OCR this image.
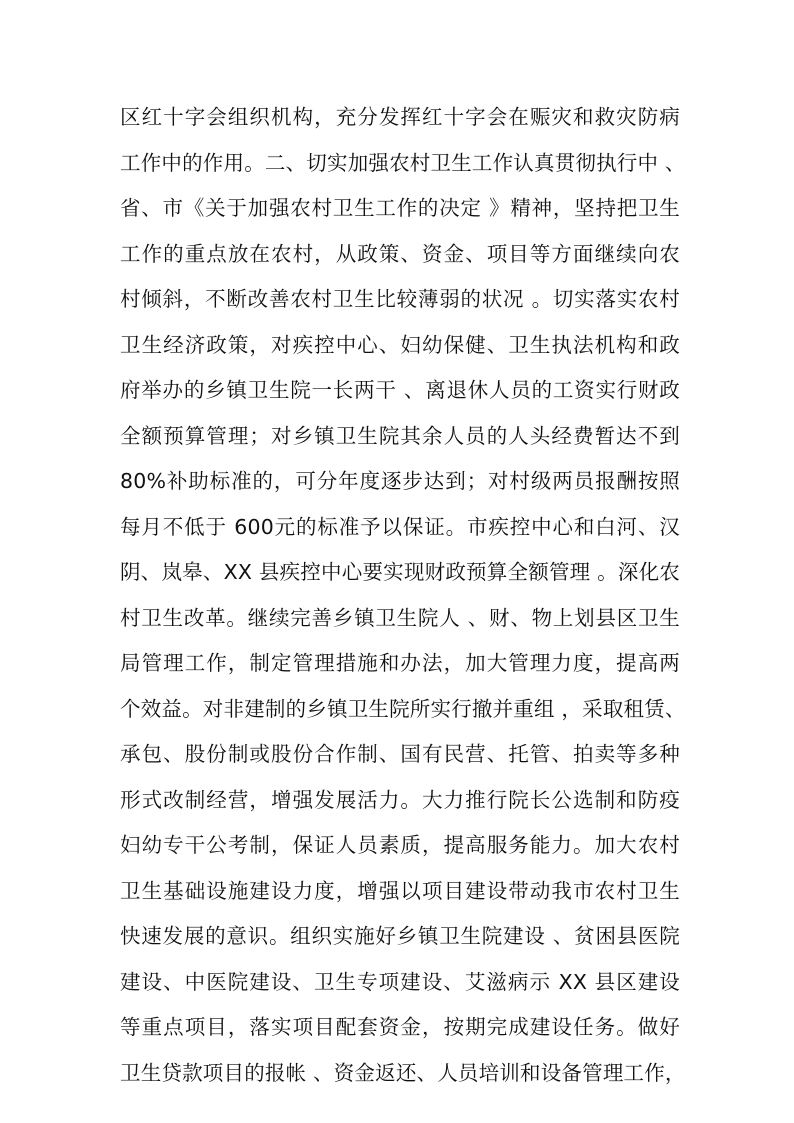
区红十字会组织机构，充分发挥红十字会在赈灾和救灾防病
工作中的作用。二、切实加强农村卫生工作认真贯彻执行中 、
省、市《关于加强农村卫生工作的决定 》精神，坚持把卫生
工作的重点放在农村，从政策、资金、项目等方面继续向农
村倾斜，不断改善农村卫生比较薄弱的状况 。切实落实农村
卫生经济政策，对疾控中心、妇幼保健、卫生执法机构和政
府举办的乡镇卫生院一长两干 、离退休人员的工资实行财政
全额预算管理；对乡镇卫生院其余人员的人头经费暂达不到
80%补助标准的，可分年度逐步达到；对村级两员报酬按照
每月不低于 600元的标准予以保证。市疾控中心和白河、汉
阴、岚皋、XX 县疾控中心要实现财政预算全额管理 。深化农
村卫生改革。继续完善乡镇卫生院人 、财、物上划县区卫生
局管理工作，制定管理措施和办法，加大管理力度，提高两
个效益。对非建制的乡镇卫生院所实行撤并重组 ，采取租赁、
承包、股份制或股份合作制、国有民营、托管、拍卖等多种
形式改制经营，增强发展活力。大力推行院长公选制和防疫
妇幼专干公考制，保证人员素质，提高服务能力。加大农村
卫生基础设施建设力度，增强以项目建设带动我市农村卫生
快速发展的意识。组织实施好乡镇卫生院建设 、贫困县医院
建设、中医院建设、卫生专项建设、艾滋病示 XX 县区建设
等重点项目，落实项目配套资金，按期完成建设任务。做好
卫生贷款项目的报帐 、资金返还、人员培训和设备管理工作，
